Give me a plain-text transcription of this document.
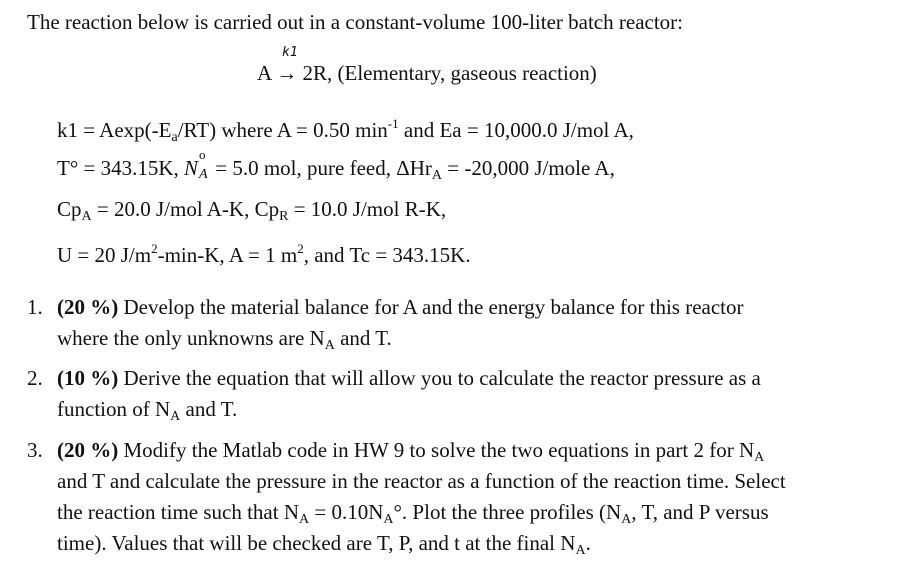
The reaction below is carried out in a constant-volume 100-liter batch reactor:
k1
A → 2R, (Elementary, gaseous reaction)
$k1 = Aexp(-E_a/RT)$ where A = 0.50 $\min^{-1}$ and Ea = 10,000.0 J/mol A,
T° = 343.15K, N
o
A = 5.0 mol, pure feed, ΔHr$_A$ = -20,000 J/mole A,
$Cp_A = 20.0$ J/mol A-K, $Cp_R = 10.0$ J/mol R-K,
U = 20 $J/m^2-\min-K$, A = 1 $m^2$, and Tc = 343.15K.
1. (20 %) Develop the material balance for A and the energy balance for this reactor
where the only unknowns are $N_A$ and T.
2. (10 %) Derive the equation that will allow you to calculate the reactor pressure as a
function of $N_A$ and T.
3. (20 %) Modify the Matlab code in HW 9 to solve the two equations in part 2 for $N_A$
and T and calculate the pressure in the reactor as a function of the reaction time. Select
the reaction time such that $N_A = 0.10N_A^\circ$. Plot the three profiles ($N_A$, T, and P versus
time). Values that will be checked are T, P, and t at the final $N_A$.
